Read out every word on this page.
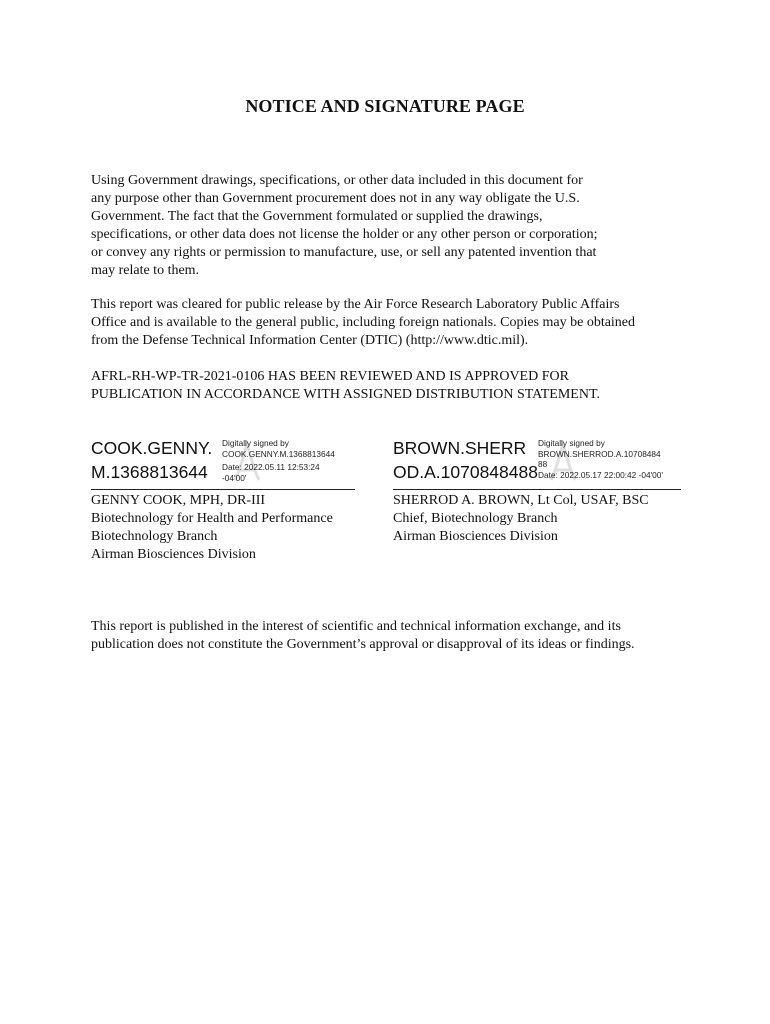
NOTICE AND SIGNATURE PAGE
Using Government drawings, specifications, or other data included in this document for
any purpose other than Government procurement does not in any way obligate the U.S.
Government. The fact that the Government formulated or supplied the drawings,
specifications, or other data does not license the holder or any other person or corporation;
or convey any rights or permission to manufacture, use, or sell any patented invention that
may relate to them.
This report was cleared for public release by the Air Force Research Laboratory Public Affairs
Office and is available to the general public, including foreign nationals. Copies may be obtained
from the Defense Technical Information Center (DTIC) (http://www.dtic.mil).
AFRL-RH-WP-TR-2021-0106 HAS BEEN REVIEWED AND IS APPROVED FOR
PUBLICATION IN ACCORDANCE WITH ASSIGNED DISTRIBUTION STATEMENT.
COOK.GENNY.
M.1368813644
Digitally signed by
COOK.GENNY.M.1368813644
Date: 2022.05.11 12:53:24
-04'00'
BROWN.SHERR
OD.A.1070848488
Digitally signed by
BROWN.SHERROD.A.10708484
88
Date: 2022.05.17 22:00:42 -04'00'
GENNY COOK, MPH, DR-III
Biotechnology for Health and Performance
Biotechnology Branch
Airman Biosciences Division
SHERROD A. BROWN, Lt Col, USAF, BSC
Chief, Biotechnology Branch
Airman Biosciences Division
This report is published in the interest of scientific and technical information exchange, and its
publication does not constitute the Government’s approval or disapproval of its ideas or findings.
